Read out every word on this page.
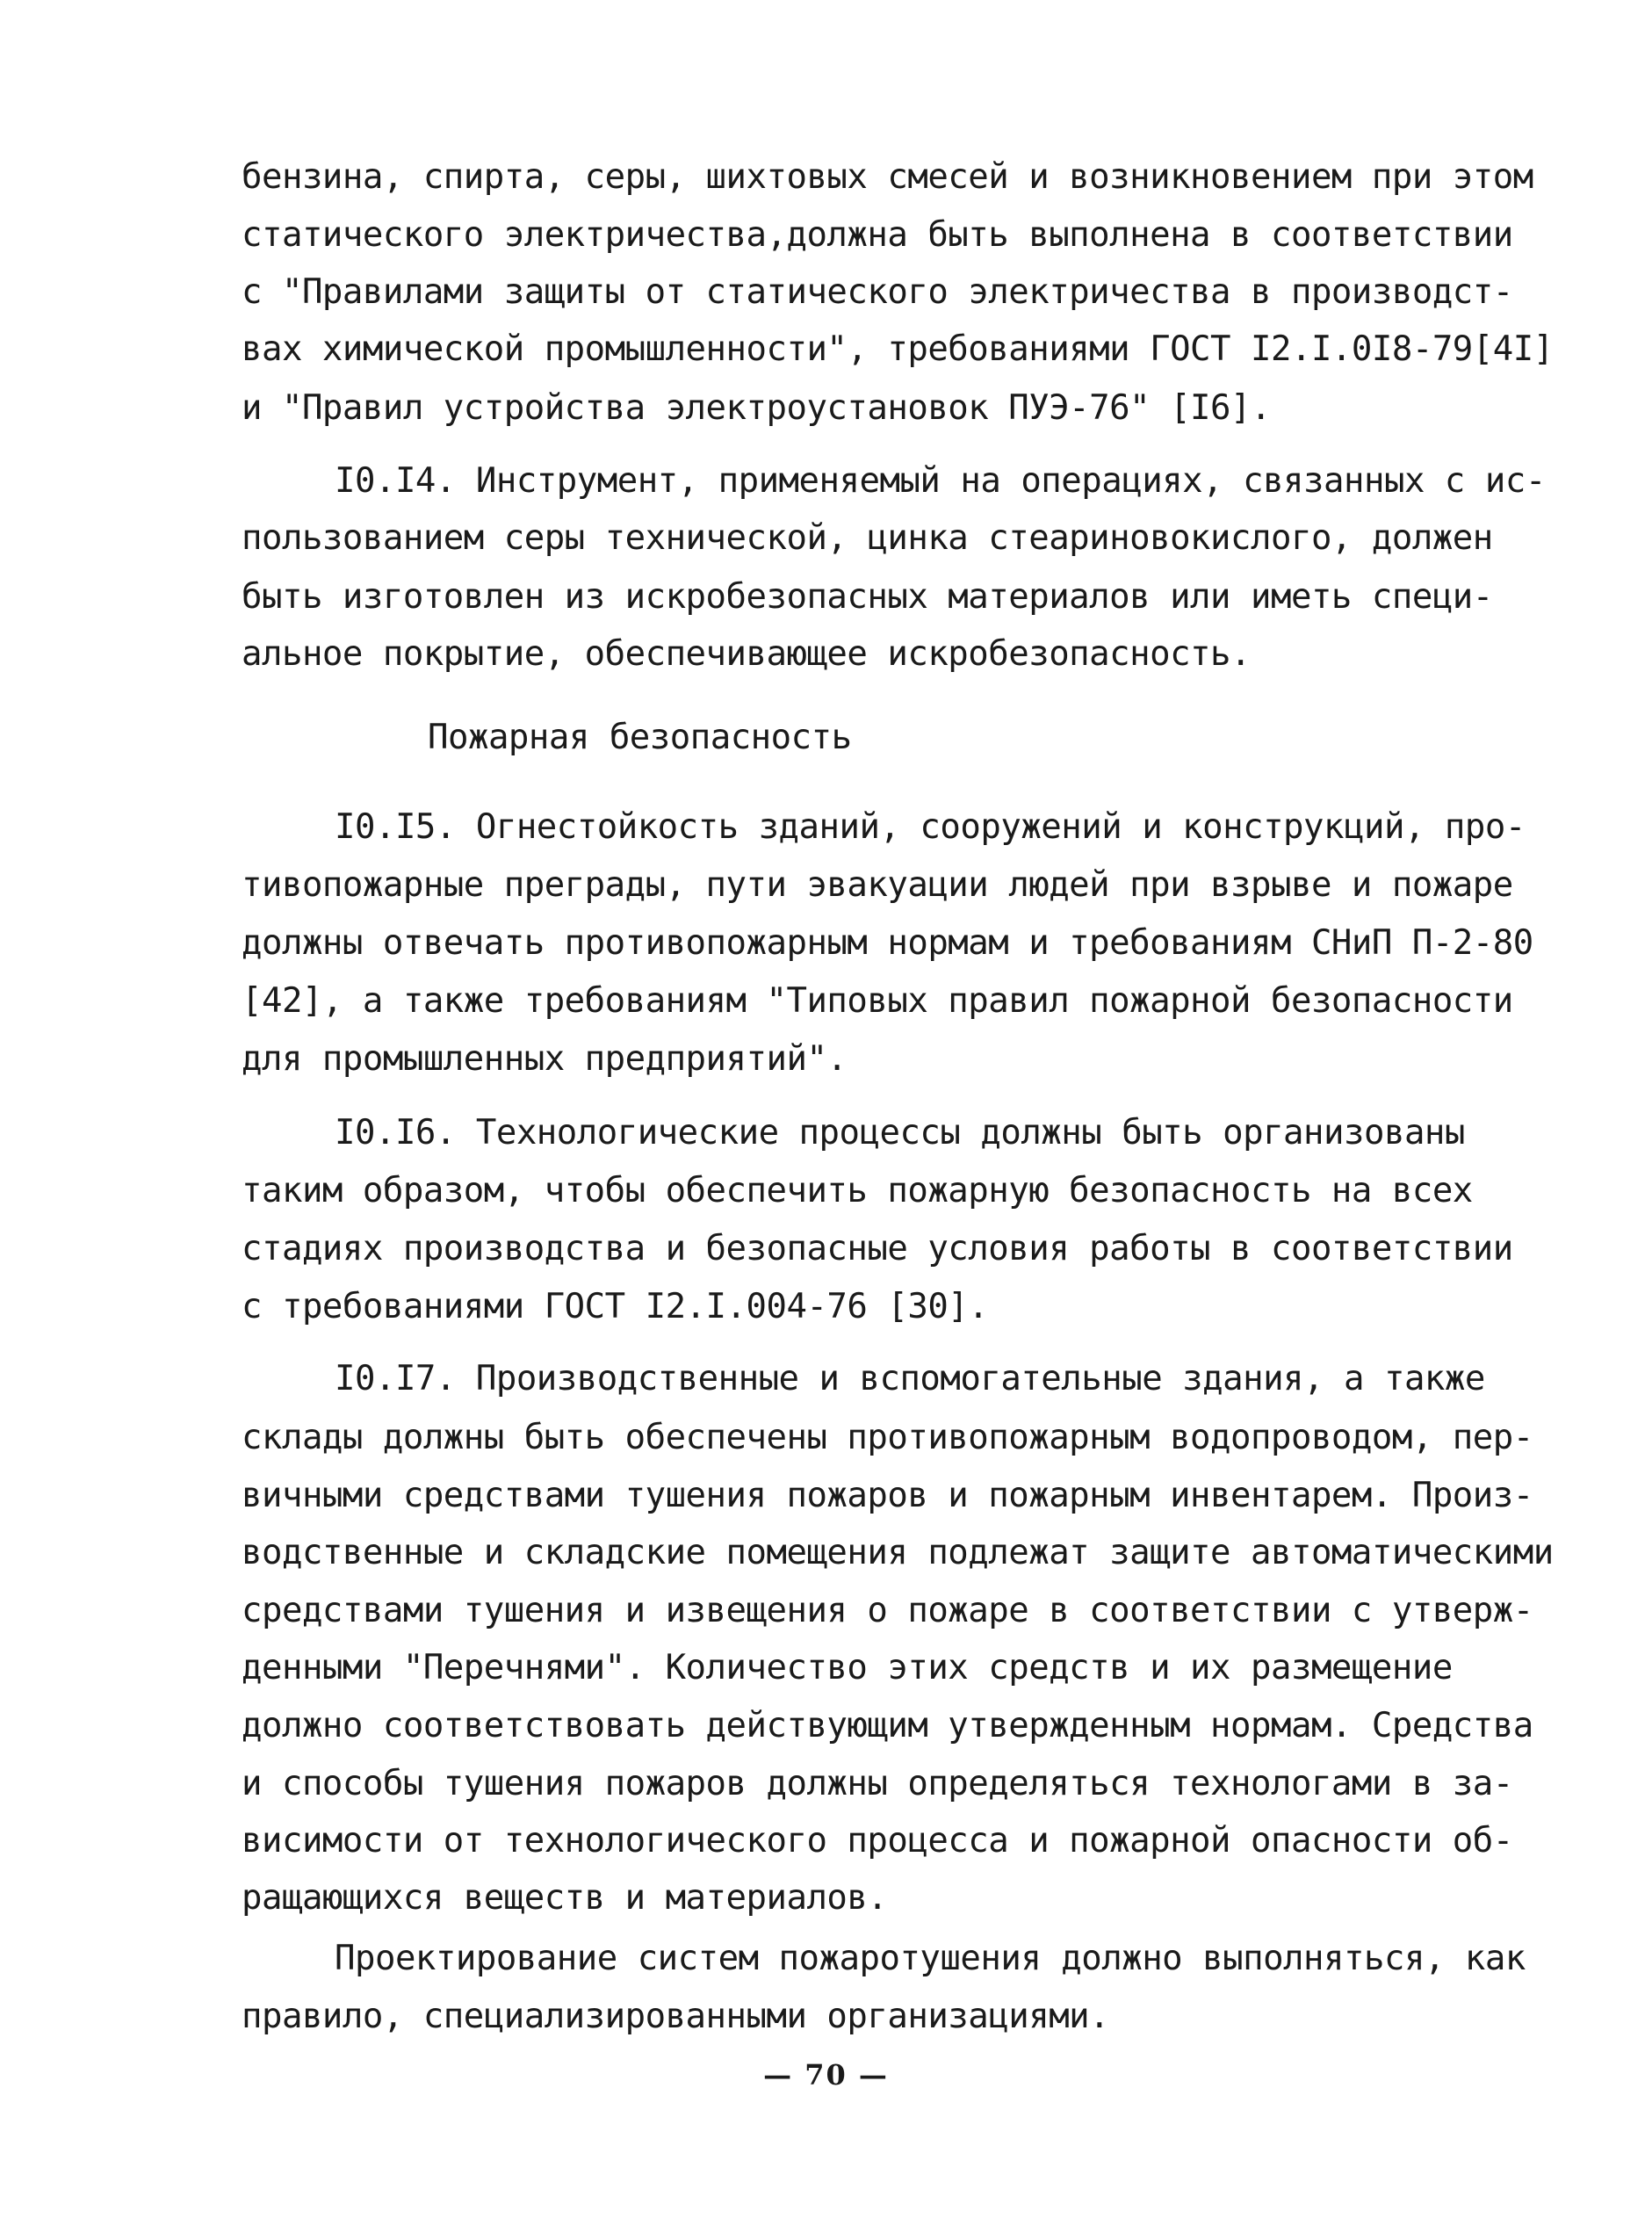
бензина, спирта, серы, шихтовых смесей и возникновением при этом
статического электричества,должна быть выполнена в соответствии
с "Правилами защиты от статического электричества в производст-
вах химической промышленности", требованиями ГОСТ I2.I.0I8-79[4I]
и "Правил устройства электроустановок ПУЭ-76" [I6].
I0.I4. Инструмент, применяемый на операциях, связанных с ис-
пользованием серы технической, цинка стеариновокислого, должен
быть изготовлен из искробезопасных материалов или иметь специ-
альное покрытие, обеспечивающее искробезопасность.
Пожарная безопасность
I0.I5. Огнестойкость зданий, сооружений и конструкций, про-
тивопожарные преграды, пути эвакуации людей при взрыве и пожаре
должны отвечать противопожарным нормам и требованиям СНиП П-2-80
[42], а также требованиям "Типовых правил пожарной безопасности
для промышленных предприятий".
I0.I6. Технологические процессы должны быть организованы
таким образом, чтобы обеспечить пожарную безопасность на всех
стадиях производства и безопасные условия работы в соответствии
с требованиями ГОСТ I2.I.004-76 [30].
I0.I7. Производственные и вспомогательные здания, а также
склады должны быть обеспечены противопожарным водопроводом, пер-
вичными средствами тушения пожаров и пожарным инвентарем. Произ-
водственные и складские помещения подлежат защите автоматическими
средствами тушения и извещения о пожаре в соответствии с утверж-
денными "Перечнями". Количество этих средств и их размещение
должно соответствовать действующим утвержденным нормам. Средства
и способы тушения пожаров должны определяться технологами в за-
висимости от технологического процесса и пожарной опасности об-
ращающихся веществ и материалов.
Проектирование систем пожаротушения должно выполняться, как
правило, специализированными организациями.
— 70 —
